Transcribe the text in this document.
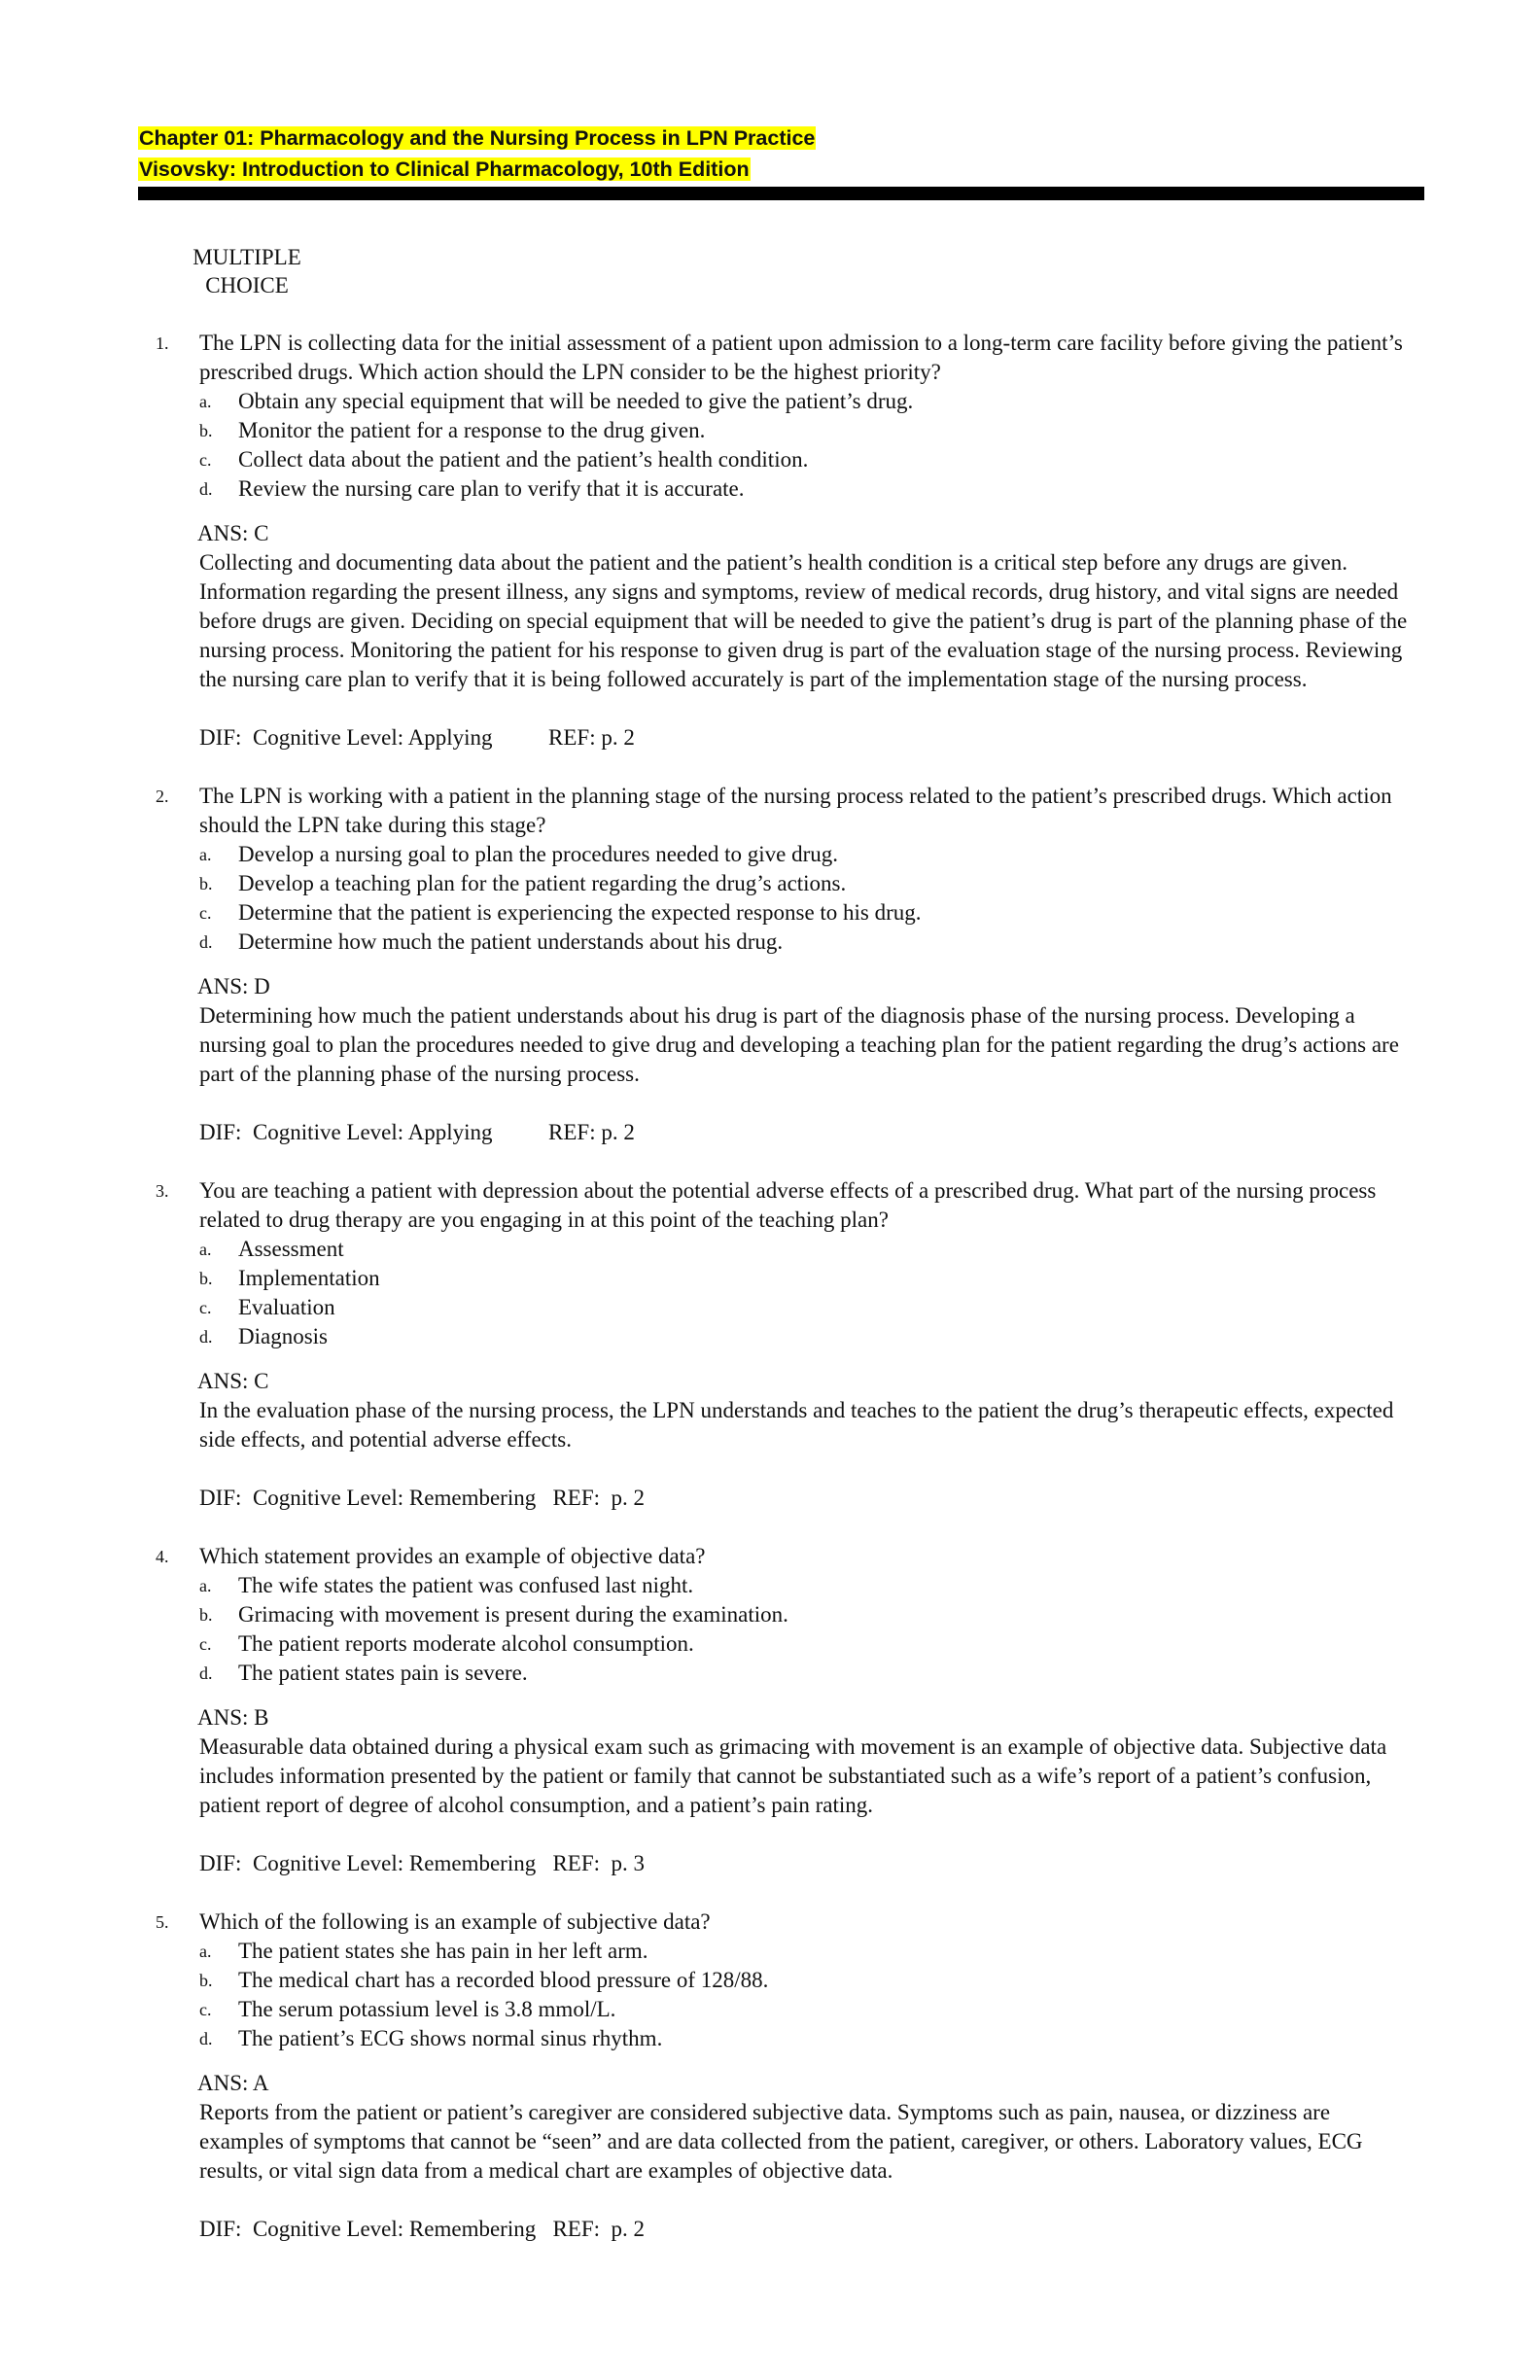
Chapter 01: Pharmacology and the Nursing Process in LPN Practice
Visovsky: Introduction to Clinical Pharmacology, 10th Edition
MULTIPLE
CHOICE
1.	The LPN is collecting data for the initial assessment of a patient upon admission to a long-term care facility before giving the patient’s prescribed drugs. Which action should the LPN consider to be the highest priority?
a.	Obtain any special equipment that will be needed to give the patient’s drug.
b.	Monitor the patient for a response to the drug given.
c.	Collect data about the patient and the patient’s health condition.
d.	Review the nursing care plan to verify that it is accurate.
ANS: C
Collecting and documenting data about the patient and the patient’s health condition is a critical step before any drugs are given. Information regarding the present illness, any signs and symptoms, review of medical records, drug history, and vital signs are needed before drugs are given. Deciding on special equipment that will be needed to give the patient’s drug is part of the planning phase of the nursing process. Monitoring the patient for his response to given drug is part of the evaluation stage of the nursing process. Reviewing the nursing care plan to verify that it is being followed accurately is part of the implementation stage of the nursing process.
DIF:  Cognitive Level: Applying	REF: p. 2
2.	The LPN is working with a patient in the planning stage of the nursing process related to the patient’s prescribed drugs. Which action should the LPN take during this stage?
a.	Develop a nursing goal to plan the procedures needed to give drug.
b.	Develop a teaching plan for the patient regarding the drug’s actions.
c.	Determine that the patient is experiencing the expected response to his drug.
d.	Determine how much the patient understands about his drug.
ANS: D
Determining how much the patient understands about his drug is part of the diagnosis phase of the nursing process. Developing a nursing goal to plan the procedures needed to give drug and developing a teaching plan for the patient regarding the drug’s actions are part of the planning phase of the nursing process.
DIF:  Cognitive Level: Applying	REF: p. 2
3.	You are teaching a patient with depression about the potential adverse effects of a prescribed drug. What part of the nursing process related to drug therapy are you engaging in at this point of the teaching plan?
a.	Assessment
b.	Implementation
c.	Evaluation
d.	Diagnosis
ANS: C
In the evaluation phase of the nursing process, the LPN understands and teaches to the patient the drug’s therapeutic effects, expected side effects, and potential adverse effects.
DIF:  Cognitive Level: Remembering REF:  p. 2
4.	Which statement provides an example of objective data?
a.	The wife states the patient was confused last night.
b.	Grimacing with movement is present during the examination.
c.	The patient reports moderate alcohol consumption.
d.	The patient states pain is severe.
ANS: B
Measurable data obtained during a physical exam such as grimacing with movement is an example of objective data. Subjective data includes information presented by the patient or family that cannot be substantiated such as a wife’s report of a patient’s confusion, patient report of degree of alcohol consumption, and a patient’s pain rating.
DIF:  Cognitive Level: Remembering REF:  p. 3
5.	Which of the following is an example of subjective data?
a.	The patient states she has pain in her left arm.
b.	The medical chart has a recorded blood pressure of 128/88.
c.	The serum potassium level is 3.8 mmol/L.
d.	The patient’s ECG shows normal sinus rhythm.
ANS: A
Reports from the patient or patient’s caregiver are considered subjective data. Symptoms such as pain, nausea, or dizziness are examples of symptoms that cannot be “seen” and are data collected from the patient, caregiver, or others. Laboratory values, ECG results, or vital sign data from a medical chart are examples of objective data.
DIF:  Cognitive Level: Remembering REF:  p. 2
